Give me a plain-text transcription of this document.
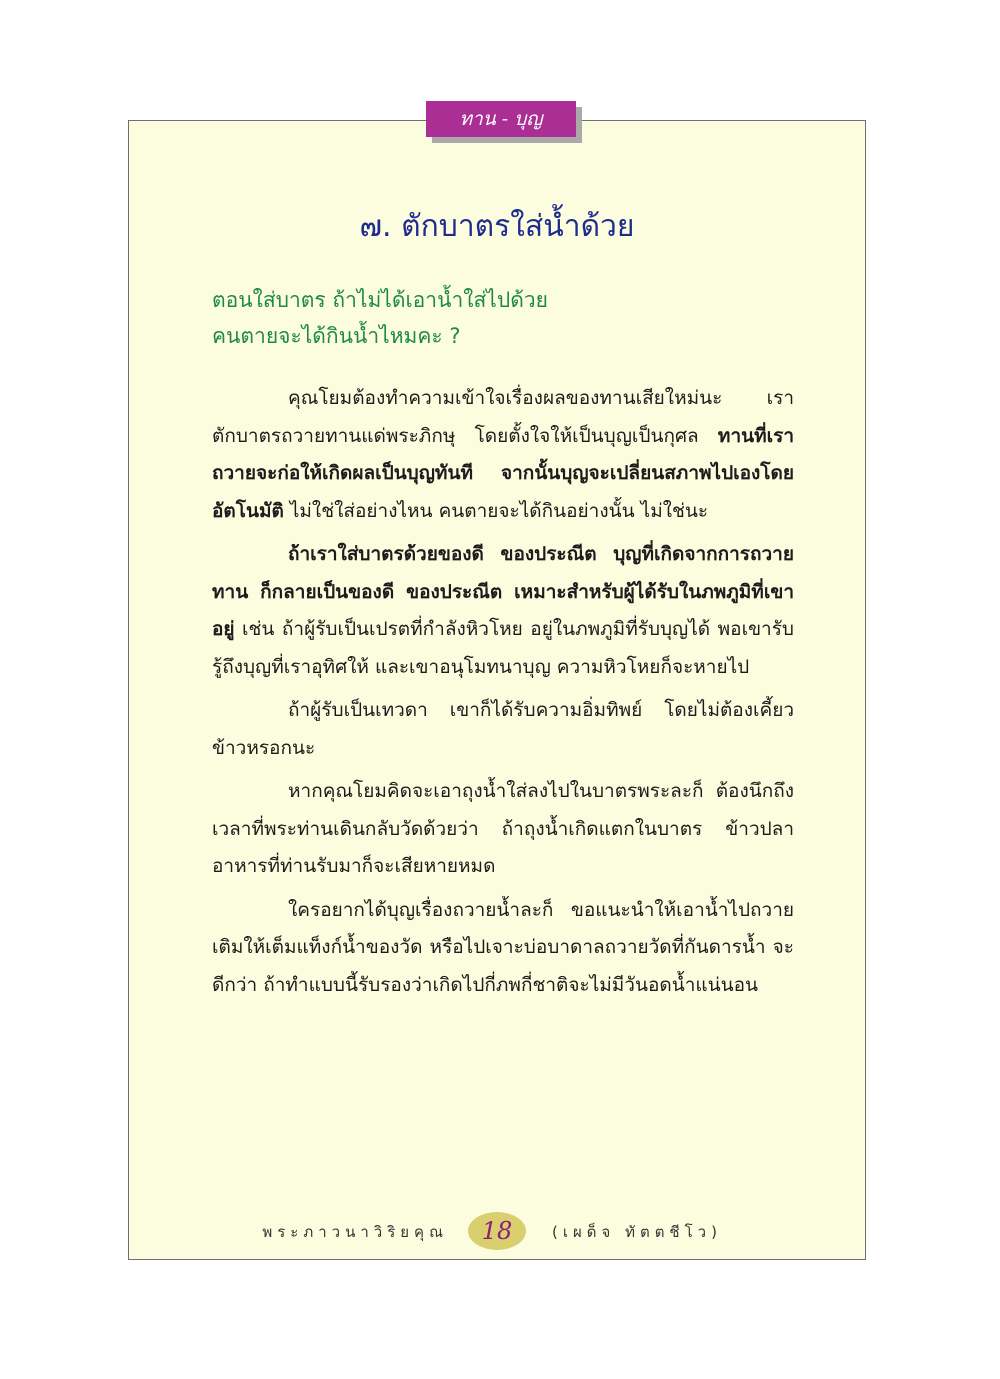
ทาน - บุญ
๗. ตักบาตรใส่น้ำด้วย
ตอนใส่บาตร ถ้าไม่ได้เอาน้ำใส่ไปด้วย
คนตายจะได้กินน้ำไหมคะ ?

คุณโยมต้องทำความเข้าใจเรื่องผลของทานเสียใหม่นะ เรา ตักบาตรถวายทานแด่พระภิกษุ โดยตั้งใจให้เป็นบุญเป็นกุศล ทานที่เราถวายจะก่อให้เกิดผลเป็นบุญทันที จากนั้นบุญจะเปลี่ยนสภาพไปเองโดยอัตโนมัติ ไม่ใช่ใส่อย่างไหน คนตายจะได้กินอย่างนั้น ไม่ใช่นะ

ถ้าเราใส่บาตรด้วยของดี ของประณีต บุญที่เกิดจากการถวายทาน ก็กลายเป็นของดี ของประณีต เหมาะสำหรับผู้ได้รับในภพภูมิที่เขาอยู่ เช่น ถ้าผู้รับเป็นเปรตที่กำลังหิวโหย อยู่ในภพภูมิที่รับบุญได้ พอเขารับรู้ถึงบุญที่เราอุทิศให้ และเขาอนุโมทนาบุญ ความหิวโหยก็จะหายไป

ถ้าผู้รับเป็นเทวดา เขาก็ได้รับความอิ่มทิพย์ โดยไม่ต้องเคี้ยวข้าวหรอกนะ

หากคุณโยมคิดจะเอาถุงน้ำใส่ลงไปในบาตรพระละก็ ต้องนึกถึงเวลาที่พระท่านเดินกลับวัดด้วยว่า ถ้าถุงน้ำเกิดแตกในบาตร ข้าวปลาอาหารที่ท่านรับมาก็จะเสียหายหมด

ใครอยากได้บุญเรื่องถวายน้ำละก็ ขอแนะนำให้เอาน้ำไปถวาย เติมให้เต็มแท็งก์น้ำของวัด หรือไปเจาะบ่อบาดาลถวายวัดที่กันดารน้ำ จะดีกว่า ถ้าทำแบบนี้รับรองว่าเกิดไปกี่ภพกี่ชาติจะไม่มีวันอดน้ำแน่นอน

พระภาวนาวิริยคุณ	18	(เผด็จ ทัตตชีโว)
